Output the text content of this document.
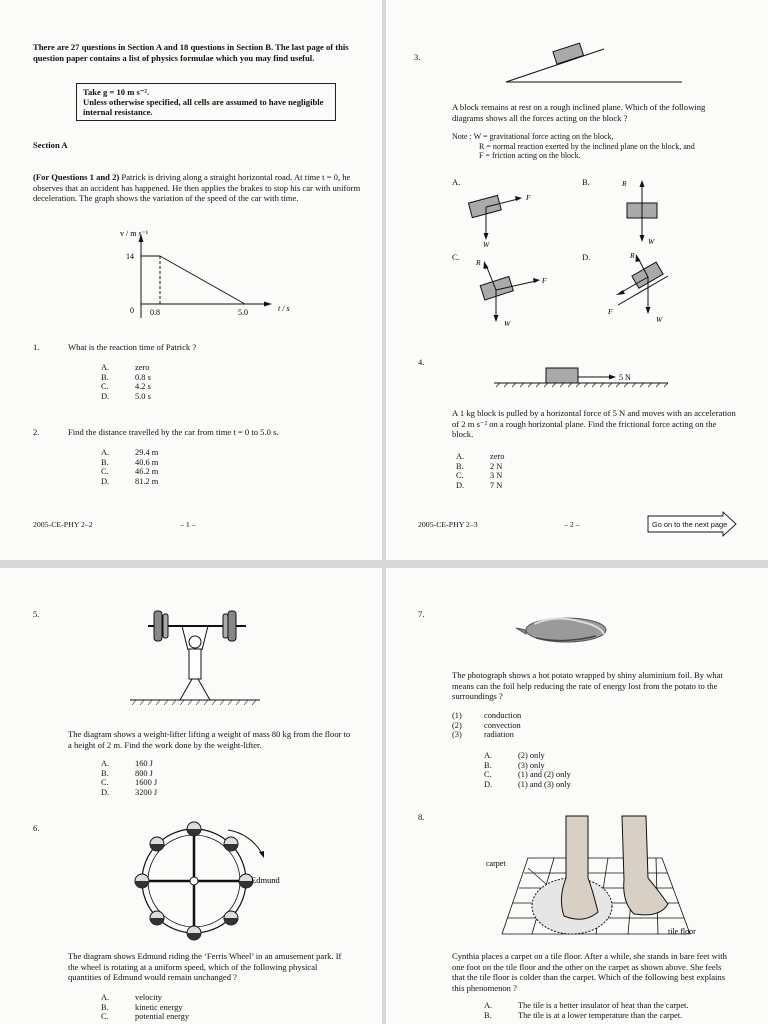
There are 27 questions in Section A and 18 questions in Section B. The last page of this question paper contains a list of physics formulae which you may find useful.
Take g = 10 m s⁻².
Unless otherwise specified, all cells are assumed to have negligible internal resistance.
Section A
(For Questions 1 and 2) Patrick is driving along a straight horizontal road. At time t = 0, he observes that an accident has happened. He then applies the brakes to stop his car with uniform deceleration. The graph shows the variation of the speed of the car with time.
v / m s⁻¹
14
0 0.8	5.0	t / s
1.	What is the reaction time of Patrick ?
A.	zero
B.	0.8 s
C.	4.2 s
D.	5.0 s
2.	Find the distance travelled by the car from time t = 0 to 5.0 s.
A.	29.4 m
B.	40.6 m
C.	46.2 m
D.	81.2 m
2005-CE-PHY 2–2	– 1 –
3.
W
F
R
W
R
F
W
R
F
W
5 N
A block remains at rest on a rough inclined plane. Which of the following diagrams shows all the forces acting on the block ?
Note : W = gravitational force acting on the block,
R = normal reaction exerted by the inclined plane on the block, and
F = friction acting on the block.
A.	B.
C.	D.
4.
A 1 kg block is pulled by a horizontal force of 5 N and moves with an acceleration of 2 m s⁻² on a rough horizontal plane. Find the frictional force acting on the block.
A.	zero
B.	2 N
C.	3 N
D.	7 N
2005-CE-PHY 2–3	– 2 –	Go on to the next page
5.
The diagram shows a weight-lifter lifting a weight of mass 80 kg from the floor to a height of 2 m. Find the work done by the weight-lifter.
A.	160 J
B.	800 J
C.	1600 J
D.	3200 J
6.
Edmund
The diagram shows Edmund riding the ‘Ferris Wheel’ in an amusement park. If the wheel is rotating at a uniform speed, which of the following physical quantities of Edmund would remain unchanged ?
A.	velocity
B.	kinetic energy
C.	potential energy
7.
The photograph shows a hot potato wrapped by shiny aluminium foil. By what means can the foil help reducing the rate of energy lost from the potato to the surroundings ?
(1)	conduction
(2)	convection
(3)	radiation
A.	(2) only
B.	(3) only
C.	(1) and (2) only
D.	(1) and (3) only
8.
carpet
tile floor
Cynthia places a carpet on a tile floor. After a while, she stands in bare feet with one foot on the tile floor and the other on the carpet as shown above. She feels that the tile floor is colder than the carpet. Which of the following best explains this phenomenon ?
A.	The tile is a better insulator of heat than the carpet.
B.	The tile is at a lower temperature than the carpet.
